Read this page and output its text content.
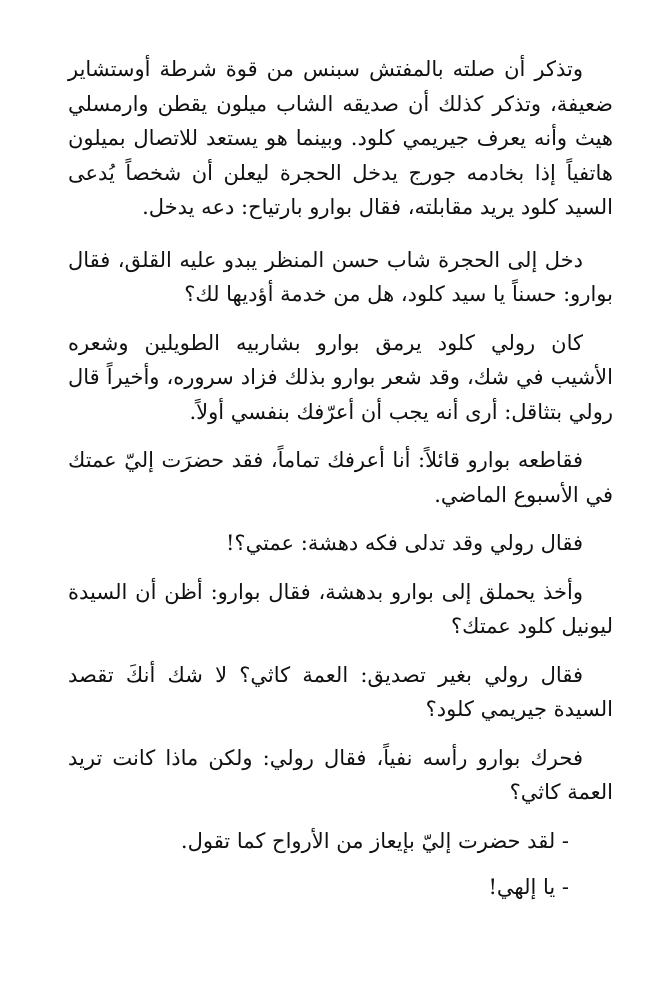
وتذكر أن صلته بالمفتش سبنس من قوة شرطة أوستشاير ضعيفة، وتذكر كذلك أن صديقه الشاب ميلون يقطن وارمسلي هيث وأنه يعرف جيريمي كلود. وبينما هو يستعد للاتصال بميلون هاتفياً إذا بخادمه جورج يدخل الحجرة ليعلن أن شخصاً يُدعى السيد كلود يريد مقابلته، فقال بوارو بارتياح: دعه يدخل.

دخل إلى الحجرة شاب حسن المنظر يبدو عليه القلق، فقال بوارو: حسناً يا سيد كلود، هل من خدمة أؤديها لك؟

كان رولي كلود يرمق بوارو بشاربيه الطويلين وشعره الأشيب في شك، وقد شعر بوارو بذلك فزاد سروره، وأخيراً قال رولي بتثاقل: أرى أنه يجب أن أعرّفك بنفسي أولاً.

فقاطعه بوارو قائلاً: أنا أعرفك تماماً، فقد حضرَت إليّ عمتك في الأسبوع الماضي.

فقال رولي وقد تدلى فكه دهشة: عمتي؟!

وأخذ يحملق إلى بوارو بدهشة، فقال بوارو: أظن أن السيدة ليونيل كلود عمتك؟

فقال رولي بغير تصديق: العمة كاثي؟ لا شك أنكَ تقصد السيدة جيريمي كلود؟

فحرك بوارو رأسه نفياً، فقال رولي: ولكن ماذا كانت تريد العمة كاثي؟

- لقد حضرت إليّ بإيعاز من الأرواح كما تقول.

- يا إلهي!
